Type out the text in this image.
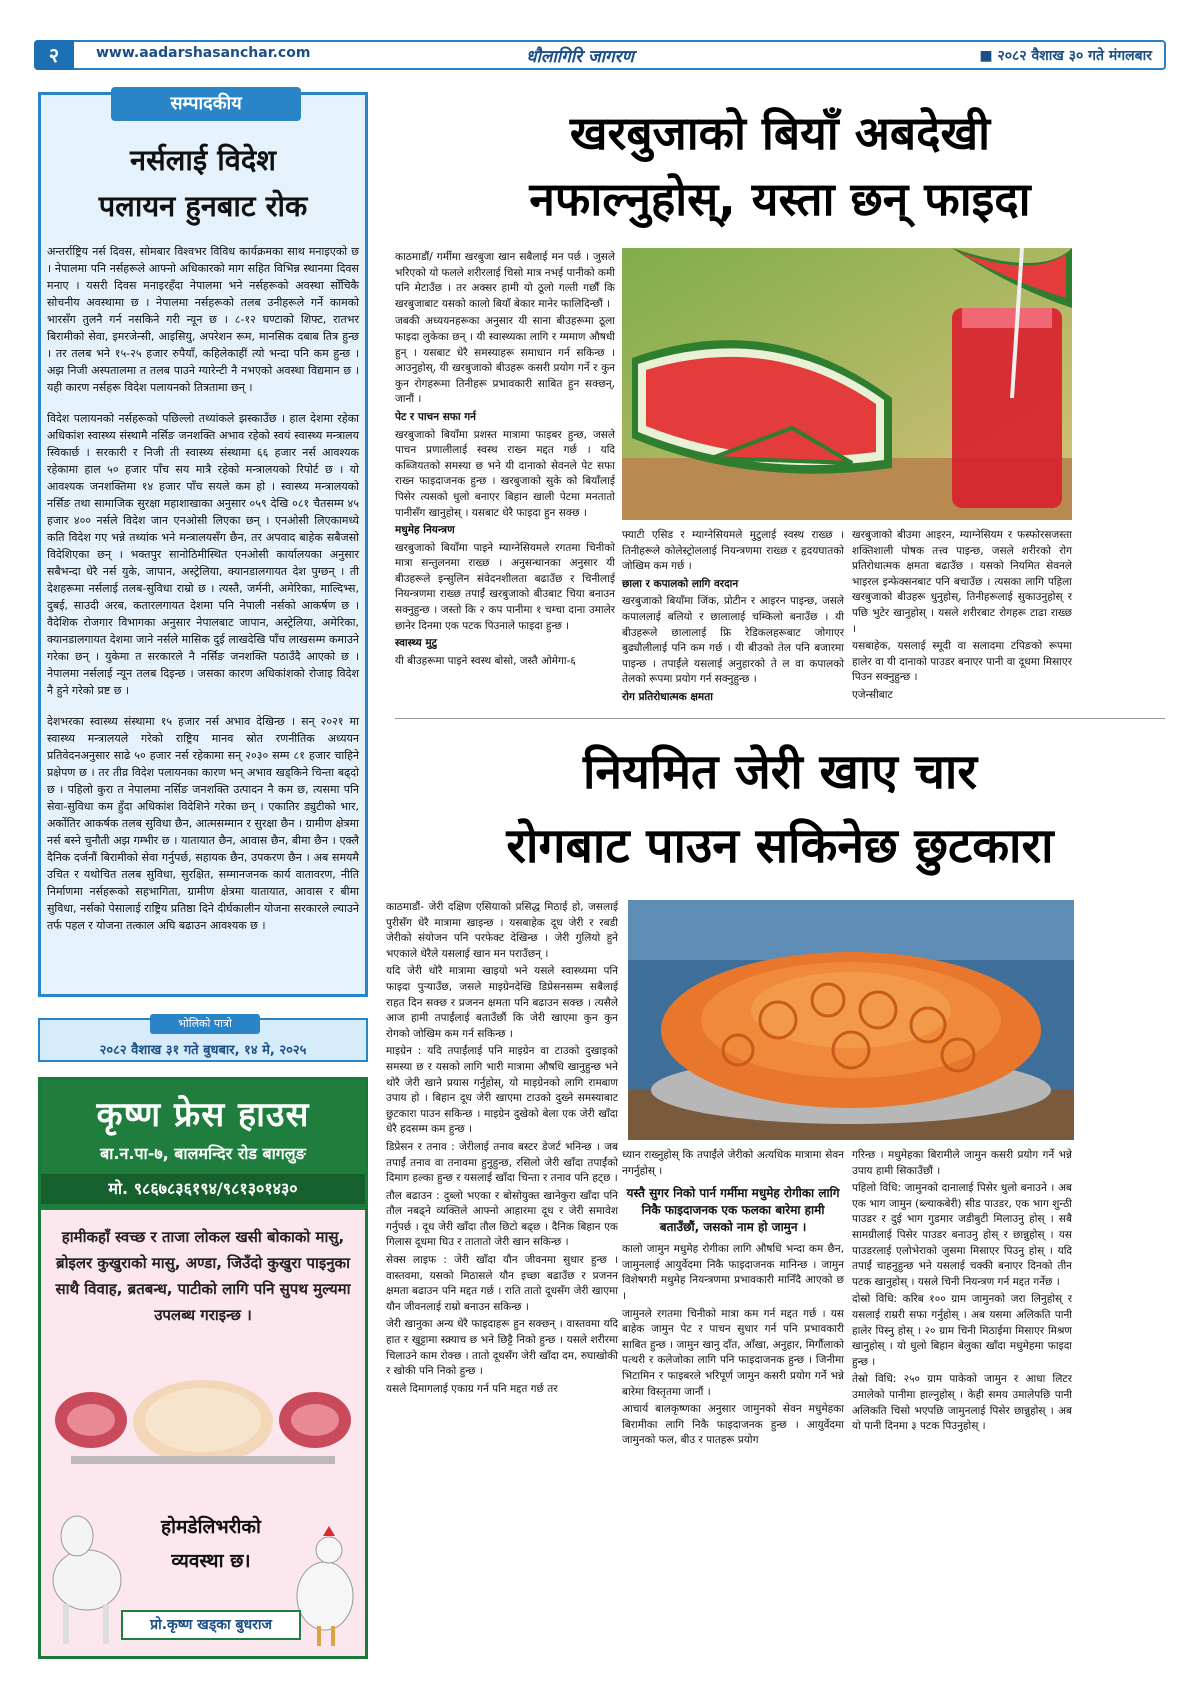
२	www.aadarshasanchar.com	धौलागिरि जागरण	■ २०८२ वैशाख ३० गते मंगलबार
सम्पादकीय
नर्सलाई विदेश
पलायन हुनबाट रोक

अन्तर्राष्ट्रिय नर्स दिवस, सोमबार विश्वभर विविध कार्यक्रमका साथ मनाइएको छ । नेपालमा पनि नर्सहरूले आफ्नो अधिकारको माग सहित विभिन्न स्थानमा दिवस मनाए । यसरी दिवस मनाइरहँदा नेपालमा भने नर्सहरूको अवस्था सोँचिकै सोचनीय अवस्थामा छ । नेपालमा नर्सहरूको तलब उनीहरूले गर्ने कामको भारसँग तुलनै गर्न नसकिने गरी न्यून छ । ८-१२ घण्टाको शिफ्ट, रातभर बिरामीको सेवा, इमरजेन्सी, आइसियु, अपरेशन रूम, मानसिक दबाब तित्र हुन्छ । तर तलब भने १५-२५ हजार रुपैयाँ, कहिलेकाहीं त्यो भन्दा पनि कम हुन्छ । अझ निजी अस्पतालमा त तलब पाउने ग्यारेन्टी नै नभएको अवस्था विद्यमान छ । यही कारण नर्सहरू विदेश पलायनको तित्रतामा छन् ।

विदेश पलायनको नर्सहरूको पछिल्लो तथ्यांकले झस्काउँछ । हाल देशमा रहेका अधिकांश स्वास्थ्य संस्थामै नर्सिङ जनशक्ति अभाव रहेको स्वयं स्वास्थ्य मन्त्रालय स्विकार्छ । सरकारी र निजी ती स्वास्थ्य संस्थामा ६६ हजार नर्स आवश्यक रहेकामा हाल ५० हजार पाँच सय मात्रै रहेको मन्त्रालयको रिपोर्ट छ । यो आवश्यक जनशक्तिमा १४ हजार पाँच सयले कम हो । स्वास्थ्य मन्त्रालयको नर्सिङ तथा सामाजिक सुरक्षा महाशाखाका अनुसार ०५९ देखि ०८१ चैतसम्म ४५ हजार ४०० नर्सले विदेश जान एनओसी लिएका छन् । एनओसी लिएकामध्ये कति विदेश गए भन्ने तथ्यांक भने मन्त्रालयसँग छैन, तर अपवाद बाहेक सबैजसो विदेशिएका छन् । भक्तपुर सानोठिमीस्थित एनओसी कार्यालयका अनुसार सबैभन्दा धेरै नर्स युके, जापान, अस्ट्रेलिया, क्यानडालगायत देश पुग्छन् । ती देशहरूमा नर्सलाई तलब-सुविधा राम्रो छ । त्यस्तै, जर्मनी, अमेरिका, माल्दिभ्स, दुबई, साउदी अरब, कतारलगायत देशमा पनि नेपाली नर्सको आकर्षण छ । वैदेशिक रोजगार विभागका अनुसार नेपालबाट जापान, अस्ट्रेलिया, अमेरिका, क्यानडालगायत देशमा जाने नर्सले मासिक दुई लाखदेखि पाँच लाखसम्म कमाउने गरेका छन् । युकेमा त सरकारले नै नर्सिङ जनशक्ति पठाउँदै आएको छ । नेपालमा नर्सलाई न्यून तलब दिइन्छ । जसका कारण अधिकांशको रोजाइ विदेश नै हुने गरेको प्रष्ट छ ।

देशभरका स्वास्थ्य संस्थामा १५ हजार नर्स अभाव देखिन्छ । सन् २०२१ मा स्वास्थ्य मन्त्रालयले गरेको राष्ट्रिय मानव स्रोत रणनीतिक अध्ययन प्रतिवेदनअनुसार साढे ५० हजार नर्स रहेकामा सन् २०३० सम्म ८१ हजार चाहिने प्रक्षेपण छ । तर तीव्र विदेश पलायनका कारण भन् अभाव खड्किने चिन्ता बढ्दो छ । पहिलो कुरा त नेपालमा नर्सिङ जनशक्ति उत्पादन नै कम छ, त्यसमा पनि सेवा-सुविधा कम हुँदा अधिकांश विदेशिने गरेका छन् । एकातिर ड्युटीको भार, अर्कोतिर आकर्षक तलब सुविधा छैन, आत्मसम्मान र सुरक्षा छैन । ग्रामीण क्षेत्रमा नर्स बस्ने चुनौती अझ गम्भीर छ । यातायात छैन, आवास छैन, बीमा छैन । एक्लै दैनिक दर्जनौं बिरामीको सेवा गर्नुपर्छ, सहायक छैन, उपकरण छैन । अब समयमै उचित र यथोचित तलब सुविधा, सुरक्षित, सम्मानजनक कार्य वातावरण, नीति निर्माणमा नर्सहरूको सहभागिता, ग्रामीण क्षेत्रमा यातायात, आवास र बीमा सुविधा, नर्सको पेसालाई राष्ट्रिय प्रतिष्ठा दिने दीर्घकालीन योजना सरकारले ल्याउने तर्फ पहल र योजना तत्काल अघि बढाउन आवश्यक छ ।

भोलिको पात्रो
२०८२ वैशाख ३१ गते बुधबार, १४ मे, २०२५
कृष्ण फ्रेस हाउस
बा.न.पा-७, बालमन्दिर रोड बागलुङ
मो. ९८६७८३६१९४/९८१३०१४३०
हामीकहाँ स्वच्छ र ताजा लोकल खसी बोकाको मासु, ब्रोइलर कुखुराको मासु, अण्डा, जिउँदो कुखुरा पाइनुका साथै विवाह, ब्रतबन्ध, पाटीको लागि पनि सुपथ मुल्यमा उपलब्ध गराइन्छ ।
होमडेलिभरीको
व्यवस्था छ।
प्रो.कृष्ण खड्का बुधराज
खरबुजाको बियाँ अबदेखी
नफाल्नुहोस्, यस्ता छन् फाइदा
काठमाडौं/ गर्मीमा खरबुजा खान सबैलाई मन पर्छ । जुसले भरिएको यो फलले शरीरलाई चिसो मात्र नभई पानीको कमी पनि मेटाउँछ । तर अक्सर हामी यो ठूलो गल्ती गर्छौं कि खरबुजाबाट यसको कालो बियाँ बेकार मानेर फालिदिन्छौं ।
जबकी अध्ययनहरूका अनुसार यी साना बीउहरूमा ठूला फाइदा लुकेका छन् । यी स्वास्थ्यका लागि र ग्ममाण औषधी हुन् । यसबाट धेरै समस्याहरू समाधान गर्न सकिन्छ । आउनुहोस्, यी खरबुजाको बीउहरू कसरी प्रयोग गर्ने र कुन कुन रोगहरूमा तिनीहरू प्रभावकारी साबित हुन सक्छन्, जानौं ।
पेट र पाचन सफा गर्न
खरबुजाको बियाँमा प्रशस्त मात्रामा फाइबर हुन्छ, जसले पाचन प्रणालीलाई स्वस्थ राख्न मद्दत गर्छ । यदि कब्जियतको समस्या छ भने यी दानाको सेवनले पेट सफा राख्न फाइदाजनक हुन्छ । खरबुजाको सुके को बियाँलाई पिसेर त्यसको धुलो बनाएर बिहान खाली पेटमा मनतातो पानीसँग खानुहोस् । यसबाट धेरै फाइदा हुन सक्छ ।
मधुमेह नियन्त्रण
खरबुजाको बियाँमा पाइने म्याग्नेसियमले रगतमा चिनीको मात्रा सन्तुलनमा राख्छ । अनुसन्धानका अनुसार यी बीउहरूले इन्सुलिन संवेदनशीलता बढाउँछ र चिनीलाई नियन्त्रणमा राख्छ तपाईं खरबुजाको बीउबाट चिया बनाउन सक्नुहुन्छ । जस्तो कि २ कप पानीमा १ चम्चा दाना उमालेर छानेर दिनमा एक पटक पिउनाले फाइदा हुन्छ ।
स्वास्थ्य मुटु
यी बीउहरूमा पाइने स्वस्थ बोसो, जस्तै ओमेगा-६
फ्याटी एसिड र म्याग्नेसियमले मुटुलाई स्वस्थ राख्छ । तिनीहरूले कोलेस्ट्रोललाई नियन्त्रणमा राख्छ र हृदयघातको जोखिम कम गर्छ ।
छाला र कपालको लागि वरदान
खरबुजाको बियाँमा जिंक, प्रोटीन र आइरन पाइन्छ, जसले कपाललाई बलियो र छालालाई चम्किलो बनाउँछ । यी बीउहरूले छालालाई फ्रि रेडिकलहरूबाट जोगाएर बुढ्यौलीलाई पनि कम गर्छ । यी बीउको तेल पनि बजारमा पाइन्छ । तपाईंले यसलाई अनुहारको ते ल वा कपालको तेलको रूपमा प्रयोग गर्न सक्नुहुन्छ ।
रोग प्रतिरोधात्मक क्षमता
खरबुजाको बीउमा आइरन, म्याग्नेसियम र फस्फोरसजस्ता शक्तिशाली पोषक तत्त्व पाइन्छ, जसले शरीरको रोग प्रतिरोधात्मक क्षमता बढाउँछ । यसको नियमित सेवनले भाइरल इन्फेक्सनबाट पनि बचाउँछ । त्यसका लागि पहिला खरबुजाको बीउहरू धुनुहोस्, तिनीहरूलाई सुकाउनुहोस् र पछि भुटेर खानुहोस् । यसले शरीरबाट रोगहरू टाढा राख्छ ।
यसबाहेक, यसलाई स्मूदी वा सलादमा टपिङको रूपमा हालेर वा यी दानाको पाउडर बनाएर पानी वा दूधमा मिसाएर पिउन सक्नुहुन्छ ।
एजेन्सीबाट
नियमित जेरी खाए चार
रोगबाट पाउन सकिनेछ छुटकारा
काठमाडौं- जेरी दक्षिण एसियाको प्रसिद्ध मिठाई हो, जसलाई पुरीसँग धेरै मात्रामा खाइन्छ । यसबाहेक दूध जेरी र रबडी जेरीको संयोजन पनि परफेक्ट देखिन्छ । जेरी गुलियो हुने भएकाले धेरैले यसलाई खान मन पराउँछन् ।
यदि जेरी थोरै मात्रामा खाइयो भने यसले स्वास्थ्यमा पनि फाइदा पुऱ्याउँछ, जसले माइग्रेनदेखि डिप्रेसनसम्म सबैलाई राहत दिन सक्छ र प्रजनन क्षमता पनि बढाउन सक्छ । त्यसैले आज हामी तपाईंलाई बताउँछौं कि जेरी खाएमा कुन कुन रोगको जोखिम कम गर्न सकिन्छ ।
माइग्रेन : यदि तपाईंलाई पनि माइग्रेन वा टाउको दुखाइको समस्या छ र यसको लागि भारी मात्रामा औषधि खानुहुन्छ भने थोरै जेरी खाने प्रयास गर्नुहोस्, यो माइग्रेनको लागि रामबाण उपाय हो । बिहान दूध जेरी खाएमा टाउको दुख्ने समस्याबाट छुटकारा पाउन सकिन्छ । माइग्रेन दुखेको बेला एक जेरी खाँदा धेरै हदसम्म कम हुन्छ ।
डिप्रेसन र तनाव : जेरीलाई तनाव बस्टर डेजर्ट भनिन्छ । जब तपाईं तनाव वा तनावमा हुनुहुन्छ, रसिलो जेरी खाँदा तपाईंको दिमाग हल्का हुन्छ र यसलाई खाँदा चिन्ता र तनाव पनि हट्छ ।
तौल बढाउन : दुब्लो भएका र बोसोयुक्त खानेकुरा खाँदा पनि तौल नबढ्ने व्यक्तिले आफ्नो आहारमा दूध र जेरी समावेश गर्नुपर्छ । दूध जेरी खाँदा तौल छिटो बढ्छ । दैनिक बिहान एक गिलास दूधमा घिउ र तातातो जेरी खान सकिन्छ ।
सेक्स लाइफ : जेरी खाँदा यौन जीवनमा सुधार हुन्छ । वास्तवमा, यसको मिठासले यौन इच्छा बढाउँछ र प्रजनन क्षमता बढाउन पनि मद्दत गर्छ । राति तातो दूधसँग जेरी खाएमा यौन जीवनलाई राम्रो बनाउन सकिन्छ ।
जेरी खानुका अन्य धेरै फाइदाहरू हुन सक्छन् । वास्तवमा यदि हात र खुट्टामा स्क्र्याच छ भने छिट्टै निको हुन्छ । यसले शरीरमा चिलाउने काम रोक्छ । तातो दूधसँग जेरी खाँदा दम, रुघाखोकी र खोकी पनि निको हुन्छ ।
यसले दिमागलाई एकाग्र गर्न पनि मद्दत गर्छ तर
ध्यान राख्नुहोस् कि तपाईंले जेरीको अत्यधिक मात्रामा सेवन नगर्नुहोस् ।
यस्तै सुगर निको पार्न गर्मीमा मधुमेह रोगीका लागि निकै फाइदाजनक एक फलका बारेमा हामी बताउँछौं, जसको नाम हो जामुन ।
कालो जामुन मधुमेह रोगीका लागि औषधि भन्दा कम छैन, जामुनलाई आयुर्वेदमा निकै फाइदाजनक मानिन्छ । जामुन विशेषगरी मधुमेह नियन्त्रणमा प्रभावकारी मानिँदै आएको छ ।
जामुनले रगतमा चिनीको मात्रा कम गर्न मद्दत गर्छ । यस बाहेक जामुन पेट र पाचन सुधार गर्न पनि प्रभावकारी साबित हुन्छ । जामुन खानु दाँत, आँखा, अनुहार, मिर्गौलाको पत्थरी र कलेजोका लागि पनि फाइदाजनक हुन्छ । जिनीमा भिटामिन र फाइबरले भरिपूर्ण जामुन कसरी प्रयोग गर्ने भन्ने बारेमा विस्तृतमा जानौं ।
आचार्य बालकृष्णका अनुसार जामुनको सेवन मधुमेहका बिरामीका लागि निकै फाइदाजनक हुन्छ । आयुर्वेदमा जामुनको फल, बीउ र पातहरू प्रयोग
गरिन्छ । मधुमेहका बिरामीले जामुन कसरी प्रयोग गर्ने भन्ने उपाय हामी सिकाउँछौं ।
पहिलो विधि: जामुनको दानालाई पिसेर धुलो बनाउने । अब एक भाग जामुन (ब्ल्याकबेरी) सीड पाउडर, एक भाग शुन्ठी पाउडर र दुई भाग गुडमार जडीबुटी मिलाउनु होस् । सबै सामग्रीलाई पिसेर पाउडर बनाउनु होस् र छान्नुहोस् । यस पाउडरलाई एलोभेराको जुसमा मिसाएर पिउनु होस् । यदि तपाईं चाहनुहुन्छ भने यसलाई चक्की बनाएर दिनको तीन पटक खानुहोस् । यसले चिनी नियन्त्रण गर्न मद्दत गर्नेछ ।
दोस्रो विधि: करिब १०० ग्राम जामुनको जरा लिनुहोस् र यसलाई राम्ररी सफा गर्नुहोस् । अब यसमा अलिकति पानी हालेर पिस्नु होस् । २० ग्राम चिनी मिठाईमा मिसाएर मिश्रण खानुहोस् । यो धुलो बिहान बेलुका खाँदा मधुमेहमा फाइदा हुन्छ ।
तेस्रो विधि: २५० ग्राम पाकेको जामुन र आधा लिटर उमालेको पानीमा हाल्नुहोस् । केही समय उमालेपछि पानी अलिकति चिसो भएपछि जामुनलाई पिसेर छान्नुहोस् । अब यो पानी दिनमा ३ पटक पिउनुहोस् ।
